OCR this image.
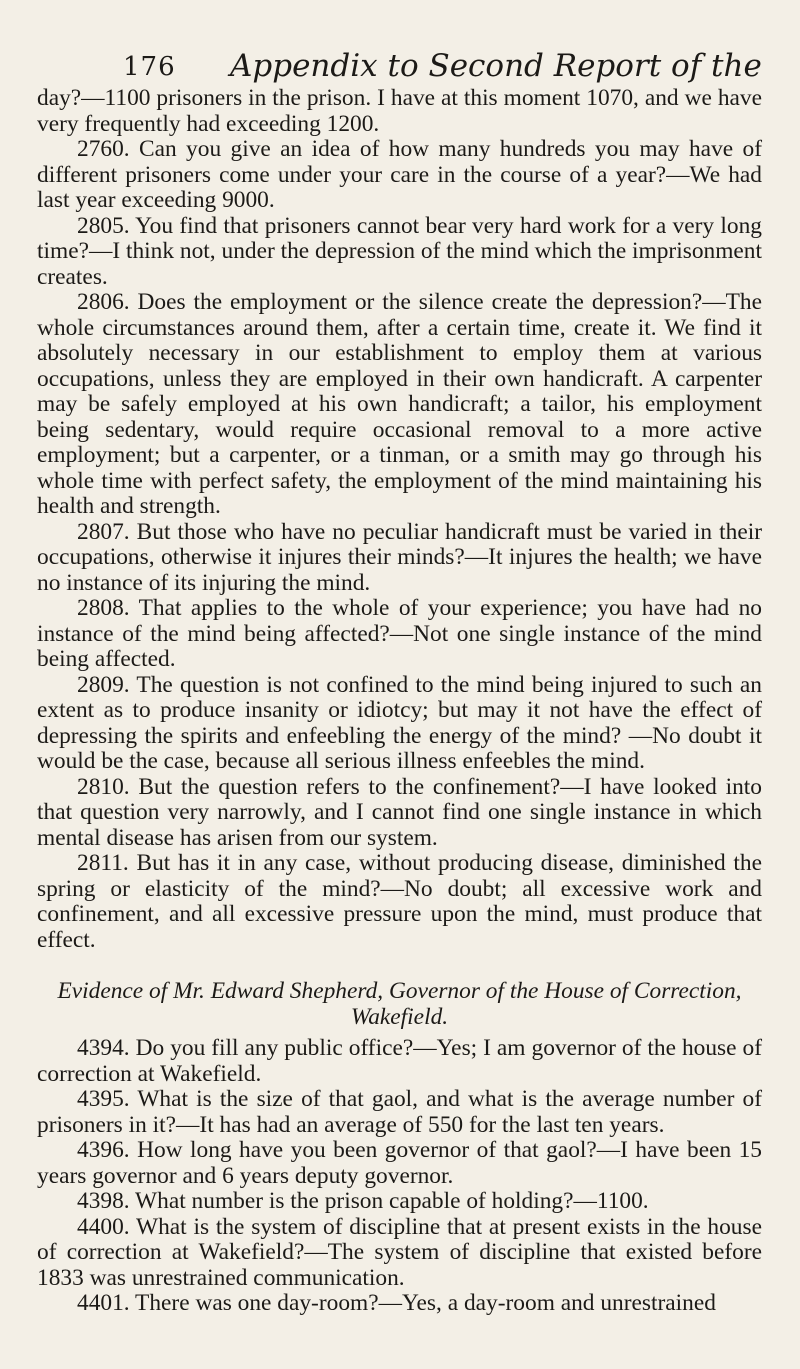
176 Appendix to Second Report of the

day?—1100 prisoners in the prison. I have at this moment 1070, and we have very frequently had exceeding 1200.

2760. Can you give an idea of how many hundreds you may have of different prisoners come under your care in the course of a year?—We had last year exceeding 9000.

2805. You find that prisoners cannot bear very hard work for a very long time?—I think not, under the depression of the mind which the imprisonment creates.

2806. Does the employment or the silence create the depression?—The whole circumstances around them, after a certain time, create it. We find it absolutely necessary in our establishment to employ them at various occupations, unless they are employed in their own handicraft. A carpenter may be safely employed at his own handicraft; a tailor, his employment being sedentary, would require occasional removal to a more active employment; but a carpenter, or a tinman, or a smith may go through his whole time with perfect safety, the employment of the mind maintaining his health and strength.

2807. But those who have no peculiar handicraft must be varied in their occupations, otherwise it injures their minds?—It injures the health; we have no instance of its injuring the mind.

2808. That applies to the whole of your experience; you have had no instance of the mind being affected?—Not one single instance of the mind being affected.

2809. The question is not confined to the mind being injured to such an extent as to produce insanity or idiotcy; but may it not have the effect of depressing the spirits and enfeebling the energy of the mind? —No doubt it would be the case, because all serious illness enfeebles the mind.

2810. But the question refers to the confinement?—I have looked into that question very narrowly, and I cannot find one single instance in which mental disease has arisen from our system.

2811. But has it in any case, without producing disease, diminished the spring or elasticity of the mind?—No doubt; all excessive work and confinement, and all excessive pressure upon the mind, must produce that effect.

Evidence of Mr. Edward Shepherd, Governor of the House of Correction, Wakefield.

4394. Do you fill any public office?—Yes; I am governor of the house of correction at Wakefield.

4395. What is the size of that gaol, and what is the average number of prisoners in it?—It has had an average of 550 for the last ten years.

4396. How long have you been governor of that gaol?—I have been 15 years governor and 6 years deputy governor.

4398. What number is the prison capable of holding?—1100.

4400. What is the system of discipline that at present exists in the house of correction at Wakefield?—The system of discipline that existed before 1833 was unrestrained communication.

4401. There was one day-room?—Yes, a day-room and unrestrained
